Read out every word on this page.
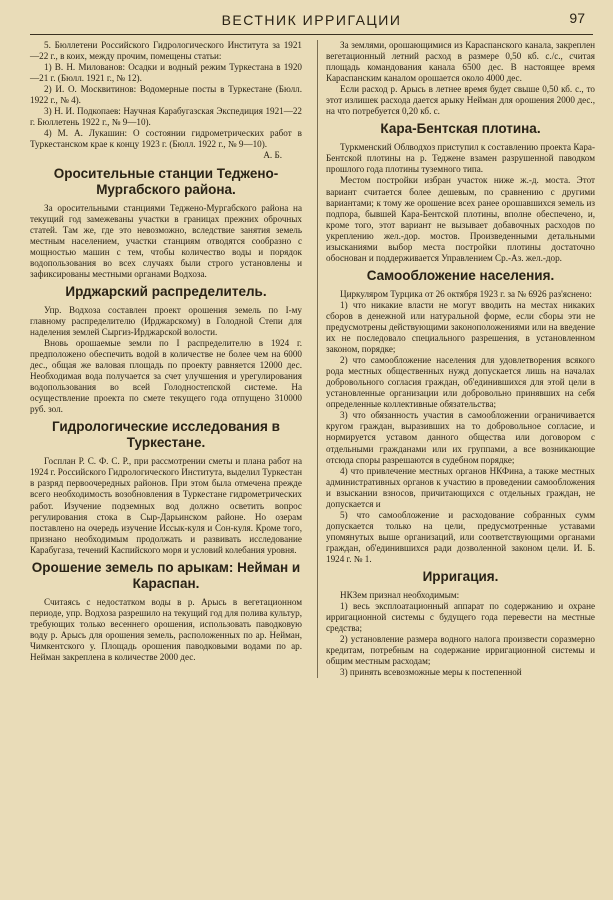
ВЕСТНИК ИРРИГАЦИИ	97

5. Бюллетени Российского Гидрологического Института за 1921—22 г., в коих, между прочим, помещены статьи:

1) В. Н. Милованов: Осадки и водный режим Туркестана в 1920—21 г. (Бюлл. 1921 г., № 12).

2) И. О. Москвитинов: Водомерные посты в Туркестане (Бюлл. 1922 г., № 4).

3) Н. И. Подкопаев: Научная Карабугазская Экспедиция 1921—22 г. Бюллетень 1922 г., № 9—10).

4) М. А. Лукашин: О состоянии гидрометрических работ в Туркестанском крае к концу 1923 г. (Бюлл. 1922 г., № 9—10).

А. Б.

Оросительные станции Теджено-Мургабского района.

За оросительными станциями Теджено-Мургабского района на текущий год замежеваны участки в границах прежних оброчных статей. Там же, где это невозможно, вследствие занятия земель местным населением, участки станциям отводятся сообразно с мощностью машин с тем, чтобы количество воды и порядок водопользования во всех случаях были строго установлены и зафиксированы местными органами Водхоза.

Ирджарский распределитель.

Упр. Водхоза составлен проект орошения земель по I-му главному распределителю (Ирджарскому) в Голодной Степи для наделения землей Сыргиз-Ирджарской волости.

Вновь орошаемые земли по I распределителю в 1924 г. предположено обеспечить водой в количестве не более чем на 6000 дес., общая же валовая площадь по проекту равняется 12000 дес. Необходимая вода получается за счет улучшения и урегулирования водопользования во всей Голодностепской системе. На осуществление проекта по смете текущего года отпущено 310000 руб. зол.

Гидрологические исследования в Туркестане.

Госплан Р. С. Ф. С. Р., при рассмотрении сметы и плана работ на 1924 г. Российского Гидрологического Института, выделил Туркестан в разряд первоочередных районов. При этом была отмечена прежде всего необходимость возобновления в Туркестане гидрометрических работ. Изучение подземных вод должно осветить вопрос регулирования стока в Сыр-Дарьинском районе. Но озерам поставлено на очередь изучение Иссык-куля и Сон-куля. Кроме того, признано необходимым продолжать и развивать исследование Карабугаза, течений Каспийского моря и условий колебания уровня.

Орошение земель по арыкам: Нейман и Карaспан.

Считаясь с недостатком воды в р. Арысь в вегетационном периоде, упр. Водхоза разрешило на текущий год для полива культур, требующих только весеннего орошения, использовать паводковую воду р. Арысь для орошения земель, расположенных по ар. Нейман, Чимкентского у. Площадь орошения паводковыми водами по ар. Нейман закреплена в количестве 2000 дес.

За землями, орошающимися из Караспанского канала, закреплен вегетационный летний расход в размере 0,50 кб. с./с., считая площадь командования канала 6500 дес. В настоящее время Караспанским каналом орошается около 4000 дес.

Если расход р. Арысь в летнее время будет свыше 0,50 кб. с., то этот излишек расхода дается арыку Нейман для орошения 2000 дес., на что потребуется 0,20 кб. с.

Кара-Бентская плотина.

Туркменский Облводхоз приступил к составлению проекта Кара-Бентской плотины на р. Теджене взамен разрушенной паводком прошлого года плотины туземного типа.

Местом постройки избран участок ниже ж.-д. моста. Этот вариант считается более дешевым, по сравнению с другими вариантами; к тому же орошение всех ранее орошавшихся земель из подпора, бывшей Кара-Бентской плотины, вполне обеспечено, и, кроме того, этот вариант не вызывает добавочных расходов по укреплению жел.-дор. мостов. Произведенными детальными изысканиями выбор места постройки плотины достаточно обоснован и поддерживается Управлением Ср.-Аз. жел.-дор.

Самообложение населения.

Циркуляром Турцика от 26 октября 1923 г. за № 6926 раз'яснено:

1) что никакие власти не могут вводить на местах никаких сборов в денежной или натуральной форме, если сборы эти не предусмотрены действующими законоположениями или на введение их не последовало специального разрешения, в установленном законом, порядке;

2) что самообложение населения для удовлетворения всякого рода местных общественных нужд допускается лишь на началах добровольного согласия граждан, об'единившихся для этой цели в установленные организации или добровольно принявших на себя определенные коллективные обязательства;

3) что обязанность участия в самообложении ограничивается кругом граждан, выразивших на то добровольное согласие, и нормируется уставом данного общества или договором с отдельными гражданами или их группами, а все возникающие отсюда споры разрешаются в судебном порядке;

4) что привлечение местных органов НКФина, а также местных административных органов к участию в проведении самообложения и взыскании взносов, причитающихся с отдельных граждан, не допускается и

5) что самообложение и расходование собранных сумм допускается только на цели, предусмотренные уставами упомянутых выше организаций, или соответствующими органами граждан, об'единившихся ради дозволенной законом цели. И. Б. 1924 г. № 1.

Ирригация.

НКЗем признал необходимым:

1) весь эксплоатационный аппарат по содержанию и охране ирригационной системы с будущего года перевести на местные средства;

2) установление размера водного налога произвести соразмерно кредитам, потребным на содержание ирригационной системы и общим местным расходам;

3) принять всевозможные меры к постепенной
